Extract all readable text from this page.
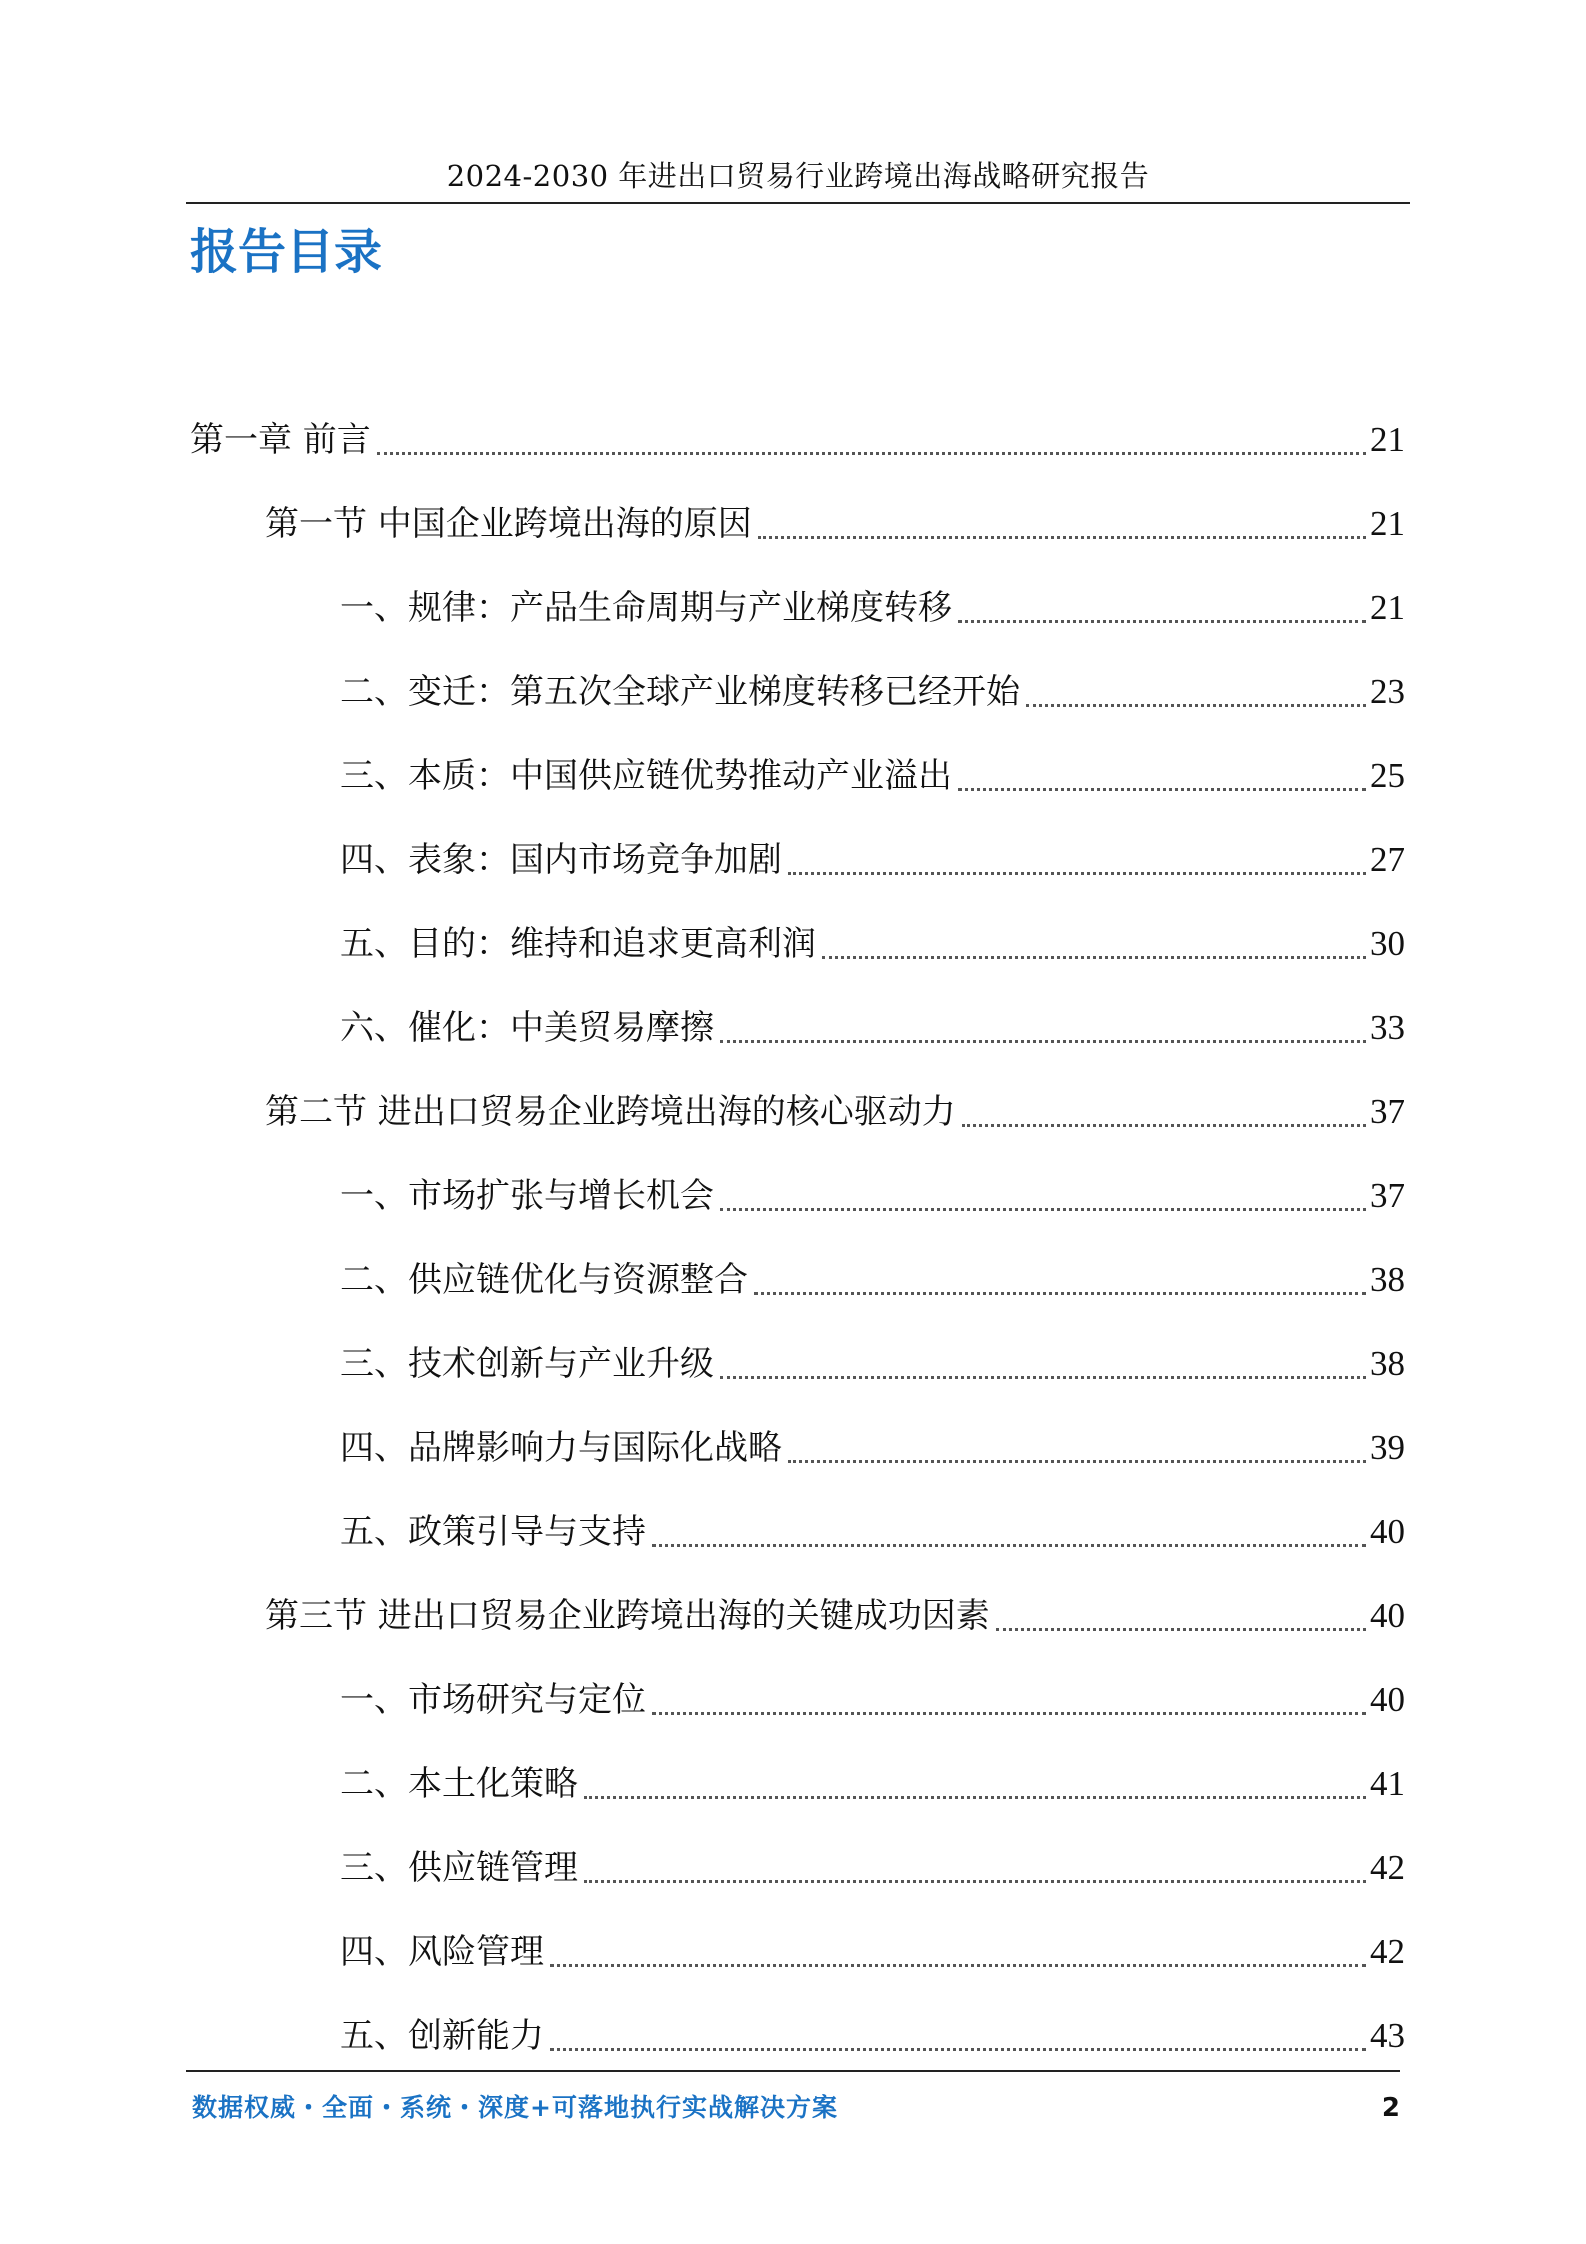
2024-2030 年进出口贸易行业跨境出海战略研究报告
报告目录
第一章 前言	21
第一节 中国企业跨境出海的原因	21
一、规律：产品生命周期与产业梯度转移	21
二、变迁：第五次全球产业梯度转移已经开始	23
三、本质：中国供应链优势推动产业溢出	25
四、表象：国内市场竞争加剧	27
五、目的：维持和追求更高利润	30
六、催化：中美贸易摩擦	33
第二节 进出口贸易企业跨境出海的核心驱动力	37
一、市场扩张与增长机会	37
二、供应链优化与资源整合	38
三、技术创新与产业升级	38
四、品牌影响力与国际化战略	39
五、政策引导与支持	40
第三节 进出口贸易企业跨境出海的关键成功因素	40
一、市场研究与定位	40
二、本土化策略	41
三、供应链管理	42
四、风险管理	42
五、创新能力	43
数据权威・全面・系统・深度+可落地执行实战解决方案	2
